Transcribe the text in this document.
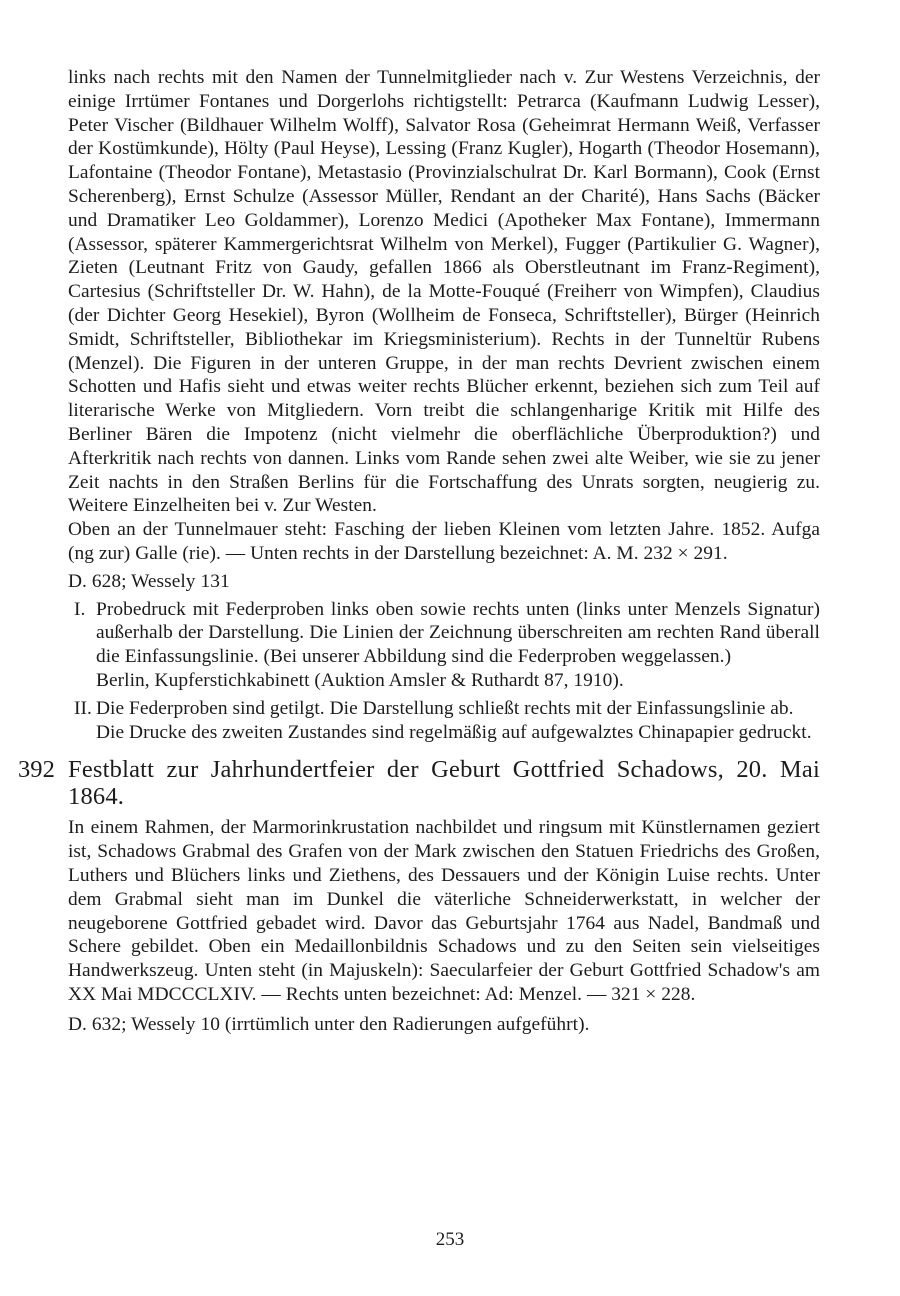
links nach rechts mit den Namen der Tunnelmitglieder nach v. Zur Westens Verzeichnis, der einige Irrtümer Fontanes und Dorgerlohs richtigstellt: Petrarca (Kaufmann Ludwig Lesser), Peter Vischer (Bildhauer Wilhelm Wolff), Salvator Rosa (Geheimrat Hermann Weiß, Verfasser der Kostümkunde), Hölty (Paul Heyse), Lessing (Franz Kugler), Hogarth (Theodor Hosemann), Lafontaine (Theodor Fontane), Metastasio (Provinzialschulrat Dr. Karl Bormann), Cook (Ernst Scherenberg), Ernst Schulze (Assessor Müller, Rendant an der Charité), Hans Sachs (Bäcker und Dramatiker Leo Goldammer), Lorenzo Medici (Apotheker Max Fontane), Immermann (Assessor, späterer Kammergerichtsrat Wilhelm von Merkel), Fugger (Partikulier G. Wagner), Zieten (Leutnant Fritz von Gaudy, gefallen 1866 als Oberstleutnant im Franz-Regiment), Cartesius (Schriftsteller Dr. W. Hahn), de la Motte-Fouqué (Freiherr von Wimpfen), Claudius (der Dichter Georg Hesekiel), Byron (Wollheim de Fonseca, Schriftsteller), Bürger (Heinrich Smidt, Schriftsteller, Bibliothekar im Kriegsministerium). Rechts in der Tunneltür Rubens (Menzel). Die Figuren in der unteren Gruppe, in der man rechts Devrient zwischen einem Schotten und Hafis sieht und etwas weiter rechts Blücher erkennt, beziehen sich zum Teil auf literarische Werke von Mitgliedern. Vorn treibt die schlangenharige Kritik mit Hilfe des Berliner Bären die Impotenz (nicht vielmehr die oberflächliche Überproduktion?) und Afterkritik nach rechts von dannen. Links vom Rande sehen zwei alte Weiber, wie sie zu jener Zeit nachts in den Straßen Berlins für die Fortschaffung des Unrats sorgten, neugierig zu. Weitere Einzelheiten bei v. Zur Westen.

Oben an der Tunnelmauer steht: Fasching der lieben Kleinen vom letzten Jahre. 1852. Aufga (ng zur) Galle (rie). — Unten rechts in der Darstellung bezeichnet: A. M. 232 × 291.

D. 628; Wessely 131

I. Probedruck mit Federproben links oben sowie rechts unten (links unter Menzels Signatur) außerhalb der Darstellung. Die Linien der Zeichnung überschreiten am rechten Rand überall die Einfassungslinie. (Bei unserer Abbildung sind die Federproben weggelassen.)

Berlin, Kupferstichkabinett (Auktion Amsler & Ruthardt 87, 1910).

II. Die Federproben sind getilgt. Die Darstellung schließt rechts mit der Einfassungslinie ab.

Die Drucke des zweiten Zustandes sind regelmäßig auf aufgewalztes Chinapapier gedruckt.

392 Festblatt zur Jahrhundertfeier der Geburt Gottfried Schadows, 20. Mai 1864.

In einem Rahmen, der Marmorinkrustation nachbildet und ringsum mit Künstlernamen geziert ist, Schadows Grabmal des Grafen von der Mark zwischen den Statuen Friedrichs des Großen, Luthers und Blüchers links und Ziethens, des Dessauers und der Königin Luise rechts. Unter dem Grabmal sieht man im Dunkel die väterliche Schneiderwerkstatt, in welcher der neugeborene Gottfried gebadet wird. Davor das Geburtsjahr 1764 aus Nadel, Bandmaß und Schere gebildet. Oben ein Medaillonbildnis Schadows und zu den Seiten sein vielseitiges Handwerkszeug. Unten steht (in Majuskeln): Saecularfeier der Geburt Gottfried Schadow's am XX Mai MDCCCLXIV. — Rechts unten bezeichnet: Ad: Menzel. — 321 × 228.

D. 632; Wessely 10 (irrtümlich unter den Radierungen aufgeführt).

253
